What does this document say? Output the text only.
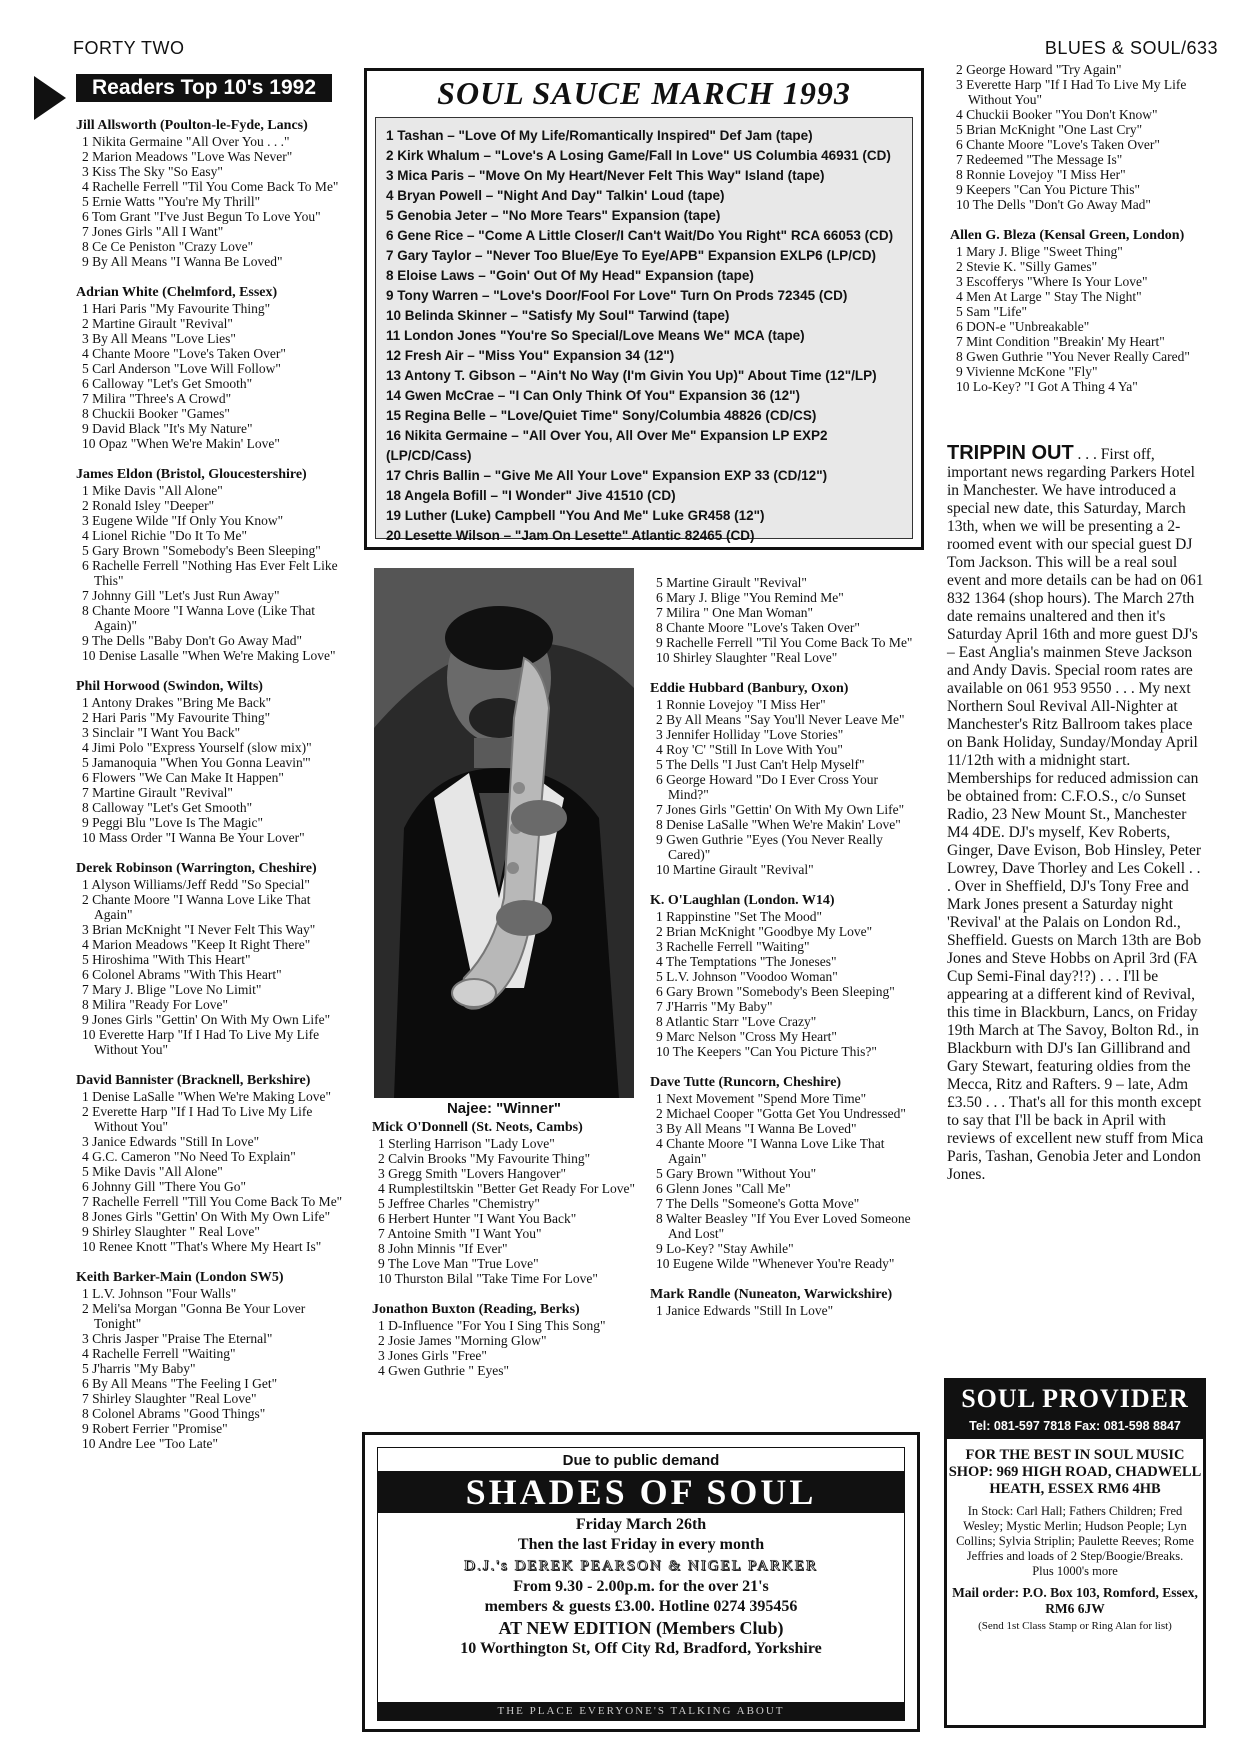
FORTY TWO	BLUES & SOUL/633
Readers Top 10's 1992
Jill Allsworth (Poulton-le-Fyde, Lancs)
1 Nikita Germaine "All Over You . . ."
2 Marion Meadows "Love Was Never"
3 Kiss The Sky "So Easy"
4 Rachelle Ferrell "Til You Come Back To Me"
5 Ernie Watts "You're My Thrill"
6 Tom Grant "I've Just Begun To Love You"
7 Jones Girls "All I Want"
8 Ce Ce Peniston "Crazy Love"
9 By All Means "I Wanna Be Loved"
Adrian White (Chelmford, Essex)
1 Hari Paris "My Favourite Thing"
2 Martine Girault "Revival"
3 By All Means "Love Lies"
4 Chante Moore "Love's Taken Over"
5 Carl Anderson "Love Will Follow"
6 Calloway "Let's Get Smooth"
7 Milira "Three's A Crowd"
8 Chuckii Booker "Games"
9 David Black "It's My Nature"
10 Opaz "When We're Makin' Love"
James Eldon (Bristol, Gloucestershire)
1 Mike Davis "All Alone"
2 Ronald Isley "Deeper"
3 Eugene Wilde "If Only You Know"
4 Lionel Richie "Do It To Me"
5 Gary Brown "Somebody's Been Sleeping"
6 Rachelle Ferrell "Nothing Has Ever Felt Like This"
7 Johnny Gill "Let's Just Run Away"
8 Chante Moore "I Wanna Love (Like That Again)"
9 The Dells "Baby Don't Go Away Mad"
10 Denise Lasalle "When We're Making Love"
Phil Horwood (Swindon, Wilts)
1 Antony Drakes "Bring Me Back"
2 Hari Paris "My Favourite Thing"
3 Sinclair "I Want You Back"
4 Jimi Polo "Express Yourself (slow mix)"
5 Jamanoquia "When You Gonna Leavin'"
6 Flowers "We Can Make It Happen"
7 Martine Girault "Revival"
8 Calloway "Let's Get Smooth"
9 Peggi Blu "Love Is The Magic"
10 Mass Order "I Wanna Be Your Lover"
Derek Robinson (Warrington, Cheshire)
1 Alyson Williams/Jeff Redd "So Special"
2 Chante Moore "I Wanna Love Like That Again"
3 Brian McKnight "I Never Felt This Way"
4 Marion Meadows "Keep It Right There"
5 Hiroshima "With This Heart"
6 Colonel Abrams "With This Heart"
7 Mary J. Blige "Love No Limit"
8 Milira "Ready For Love"
9 Jones Girls "Gettin' On With My Own Life"
10 Everette Harp "If I Had To Live My Life Without You"
David Bannister (Bracknell, Berkshire)
1 Denise LaSalle "When We're Making Love"
2 Everette Harp "If I Had To Live My Life Without You"
3 Janice Edwards "Still In Love"
4 G.C. Cameron "No Need To Explain"
5 Mike Davis "All Alone"
6 Johnny Gill "There You Go"
7 Rachelle Ferrell "Till You Come Back To Me"
8 Jones Girls "Gettin' On With My Own Life"
9 Shirley Slaughter " Real Love"
10 Renee Knott "That's Where My Heart Is"
Keith Barker-Main (London SW5)
1 L.V. Johnson "Four Walls"
2 Meli'sa Morgan "Gonna Be Your Lover Tonight"
3 Chris Jasper "Praise The Eternal"
4 Rachelle Ferrell "Waiting"
5 J'harris "My Baby"
6 By All Means "The Feeling I Get"
7 Shirley Slaughter "Real Love"
8 Colonel Abrams "Good Things"
9 Robert Ferrier "Promise"
10 Andre Lee "Too Late"
SOUL SAUCE MARCH 1993
1 Tashan – "Love Of My Life/Romantically Inspired" Def Jam (tape)
2 Kirk Whalum – "Love's A Losing Game/Fall In Love" US Columbia 46931 (CD)
3 Mica Paris – "Move On My Heart/Never Felt This Way" Island (tape)
4 Bryan Powell – "Night And Day" Talkin' Loud (tape)
5 Genobia Jeter – "No More Tears" Expansion (tape)
6 Gene Rice – "Come A Little Closer/I Can't Wait/Do You Right" RCA 66053 (CD)
7 Gary Taylor – "Never Too Blue/Eye To Eye/APB" Expansion EXLP6 (LP/CD)
8 Eloise Laws – "Goin' Out Of My Head" Expansion (tape)
9 Tony Warren – "Love's Door/Fool For Love" Turn On Prods 72345 (CD)
10 Belinda Skinner – "Satisfy My Soul" Tarwind (tape)
11 London Jones "You're So Special/Love Means We" MCA (tape)
12 Fresh Air – "Miss You" Expansion 34 (12")
13 Antony T. Gibson – "Ain't No Way (I'm Givin You Up)" About Time (12"/LP)
14 Gwen McCrae – "I Can Only Think Of You" Expansion 36 (12")
15 Regina Belle – "Love/Quiet Time" Sony/Columbia 48826 (CD/CS)
16 Nikita Germaine – "All Over You, All Over Me" Expansion LP EXP2 (LP/CD/Cass)
17 Chris Ballin – "Give Me All Your Love" Expansion EXP 33 (CD/12")
18 Angela Bofill – "I Wonder" Jive 41510 (CD)
19 Luther (Luke) Campbell "You And Me" Luke GR458 (12")
20 Lesette Wilson – "Jam On Lesette" Atlantic 82465 (CD)
Najee: "Winner"
5 Martine Girault "Revival"
6 Mary J. Blige "You Remind Me"
7 Milira " One Man Woman"
8 Chante Moore "Love's Taken Over"
9 Rachelle Ferrell "Til You Come Back To Me"
10 Shirley Slaughter "Real Love"
Eddie Hubbard (Banbury, Oxon)
1 Ronnie Lovejoy "I Miss Her"
2 By All Means "Say You'll Never Leave Me"
3 Jennifer Holliday "Love Stories"
4 Roy 'C' "Still In Love With You"
5 The Dells "I Just Can't Help Myself"
6 George Howard "Do I Ever Cross Your Mind?"
7 Jones Girls "Gettin' On With My Own Life"
8 Denise LaSalle "When We're Makin' Love"
9 Gwen Guthrie "Eyes (You Never Really Cared)"
10 Martine Girault "Revival"
K. O'Laughlan (London. W14)
1 Rappinstine "Set The Mood"
2 Brian McKnight "Goodbye My Love"
3 Rachelle Ferrell "Waiting"
4 The Temptations "The Joneses"
5 L.V. Johnson "Voodoo Woman"
6 Gary Brown "Somebody's Been Sleeping"
7 J'Harris "My Baby"
8 Atlantic Starr "Love Crazy"
9 Marc Nelson "Cross My Heart"
10 The Keepers "Can You Picture This?"
Dave Tutte (Runcorn, Cheshire)
1 Next Movement "Spend More Time"
2 Michael Cooper "Gotta Get You Undressed"
3 By All Means "I Wanna Be Loved"
4 Chante Moore "I Wanna Love Like That Again"
5 Gary Brown "Without You"
6 Glenn Jones "Call Me"
7 The Dells "Someone's Gotta Move"
8 Walter Beasley "If You Ever Loved Someone And Lost"
9 Lo-Key? "Stay Awhile"
10 Eugene Wilde "Whenever You're Ready"
Mark Randle (Nuneaton, Warwickshire)
1 Janice Edwards "Still In Love"
Mick O'Donnell (St. Neots, Cambs)
1 Sterling Harrison "Lady Love"
2 Calvin Brooks "My Favourite Thing"
3 Gregg Smith "Lovers Hangover"
4 Rumplestiltskin "Better Get Ready For Love"
5 Jeffree Charles "Chemistry"
6 Herbert Hunter "I Want You Back"
7 Antoine Smith "I Want You"
8 John Minnis "If Ever"
9 The Love Man "True Love"
10 Thurston Bilal "Take Time For Love"
Jonathon Buxton (Reading, Berks)
1 D-Influence "For You I Sing This Song"
2 Josie James "Morning Glow"
3 Jones Girls "Free"
4 Gwen Guthrie " Eyes"
2 George Howard "Try Again"
3 Everette Harp "If I Had To Live My Life Without You"
4 Chuckii Booker "You Don't Know"
5 Brian McKnight "One Last Cry"
6 Chante Moore "Love's Taken Over"
7 Redeemed "The Message Is"
8 Ronnie Lovejoy "I Miss Her"
9 Keepers "Can You Picture This"
10 The Dells "Don't Go Away Mad"
Allen G. Bleza (Kensal Green, London)
1 Mary J. Blige "Sweet Thing"
2 Stevie K. "Silly Games"
3 Escofferys "Where Is Your Love"
4 Men At Large " Stay The Night"
5 Sam "Life"
6 DON-e "Unbreakable"
7 Mint Condition "Breakin' My Heart"
8 Gwen Guthrie "You Never Really Cared"
9 Vivienne McKone "Fly"
10 Lo-Key? "I Got A Thing 4 Ya"
TRIPPIN OUT . . . First off, important news regarding Parkers Hotel in Manchester. We have introduced a special new date, this Saturday, March 13th, when we will be presenting a 2-roomed event with our special guest DJ Tom Jackson. This will be a real soul event and more details can be had on 061 832 1364 (shop hours). The March 27th date remains unaltered and then it's Saturday April 16th and more guest DJ's – East Anglia's mainmen Steve Jackson and Andy Davis. Special room rates are available on 061 953 9550 . . . My next Northern Soul Revival All-Nighter at Manchester's Ritz Ballroom takes place on Bank Holiday, Sunday/Monday April 11/12th with a midnight start. Memberships for reduced admission can be obtained from: C.F.O.S., c/o Sunset Radio, 23 New Mount St., Manchester M4 4DE. DJ's myself, Kev Roberts, Ginger, Dave Evison, Bob Hinsley, Peter Lowrey, Dave Thorley and Les Cokell . . . Over in Sheffield, DJ's Tony Free and Mark Jones present a Saturday night 'Revival' at the Palais on London Rd., Sheffield. Guests on March 13th are Bob Jones and Steve Hobbs on April 3rd (FA Cup Semi-Final day?!?) . . . I'll be appearing at a different kind of Revival, this time in Blackburn, Lancs, on Friday 19th March at The Savoy, Bolton Rd., in Blackburn with DJ's Ian Gillibrand and Gary Stewart, featuring oldies from the Mecca, Ritz and Rafters. 9 – late, Adm £3.50 . . . That's all for this month except to say that I'll be back in April with reviews of excellent new stuff from Mica Paris, Tashan, Genobia Jeter and London Jones.
SOUL PROVIDER
Tel: 081-597 7818 Fax: 081-598 8847
FOR THE BEST IN SOUL MUSIC SHOP: 969 HIGH ROAD, CHADWELL HEATH, ESSEX RM6 4HB
In Stock: Carl Hall; Fathers Children; Fred Wesley; Mystic Merlin; Hudson People; Lyn Collins; Sylvia Striplin; Paulette Reeves; Rome Jeffries and loads of 2 Step/Boogie/Breaks.
Plus 1000's more
Mail order: P.O. Box 103, Romford, Essex, RM6 6JW
(Send 1st Class Stamp or Ring Alan for list)
Due to public demand
SHADES OF SOUL
Friday March 26th
Then the last Friday in every month
D.J.'s DEREK PEARSON & NIGEL PARKER
From 9.30 - 2.00p.m. for the over 21's
members & guests £3.00. Hotline 0274 395456
AT NEW EDITION (Members Club)
10 Worthington St, Off City Rd, Bradford, Yorkshire
THE PLACE EVERYONE'S TALKING ABOUT
